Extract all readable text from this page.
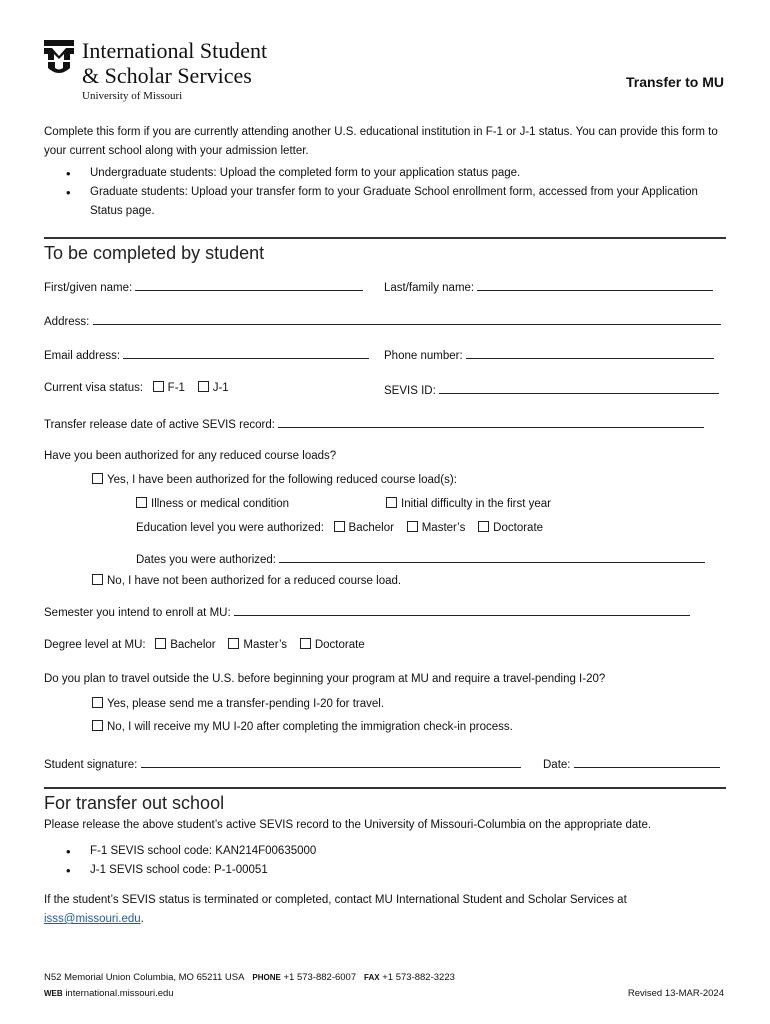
International Student
& Scholar Services
University of Missouri
Transfer to MU
Complete this form if you are currently attending another U.S. educational institution in F-1 or J-1 status. You can provide this form to your current school along with your admission letter.
• Undergraduate students: Upload the completed form to your application status page.
• Graduate students: Upload your transfer form to your Graduate School enrollment form, accessed from your Application Status page.
To be completed by student
First/given name:	Last/family name:
Address:
Email address:	Phone number:
Current visa status: F-1 J-1	SEVIS ID:
Transfer release date of active SEVIS record:
Have you been authorized for any reduced course loads?
Yes, I have been authorized for the following reduced course load(s):
Illness or medical condition	Initial difficulty in the first year
Education level you were authorized: Bachelor Master’s Doctorate
Dates you were authorized:
No, I have not been authorized for a reduced course load.
Semester you intend to enroll at MU:
Degree level at MU: Bachelor Master’s Doctorate
Do you plan to travel outside the U.S. before beginning your program at MU and require a travel-pending I-20?
Yes, please send me a transfer-pending I-20 for travel.
No, I will receive my MU I-20 after completing the immigration check-in process.
Student signature:	Date:
For transfer out school
Please release the above student’s active SEVIS record to the University of Missouri-Columbia on the appropriate date.
• F-1 SEVIS school code: KAN214F00635000
• J-1 SEVIS school code: P-1-00051
If the student’s SEVIS status is terminated or completed, contact MU International Student and Scholar Services at isss@missouri.edu.
N52 Memorial Union Columbia, MO 65211 USA PHONE +1 573-882-6007 FAX +1 573-882-3223
WEB international.missouri.edu	Revised 13-MAR-2024
